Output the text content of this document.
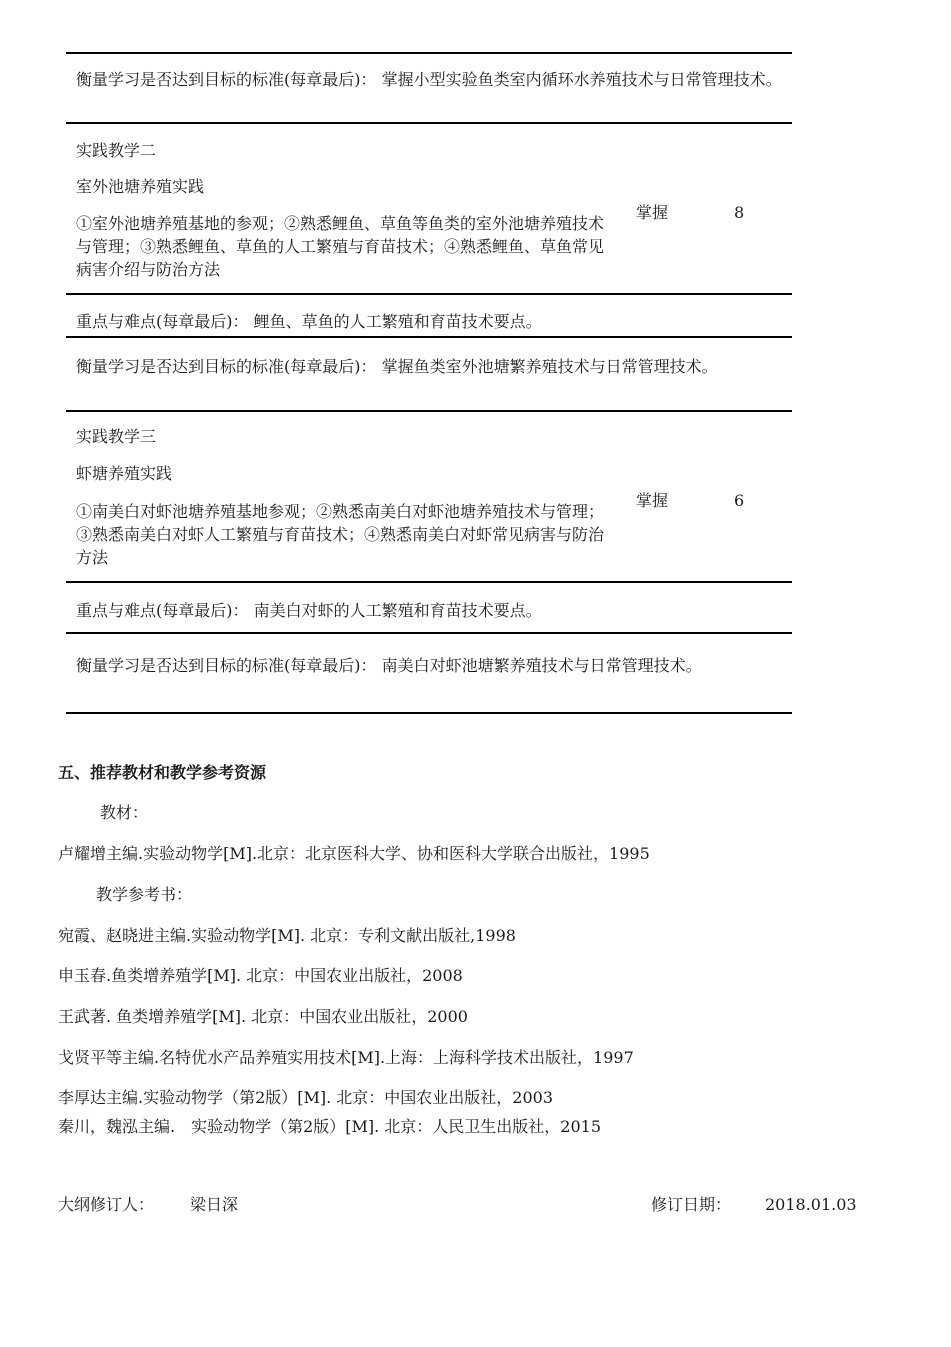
衡量学习是否达到目标的标准(每章最后)： 掌握小型实验鱼类室内循环水养殖技术与日常管理技术。
实践教学二
室外池塘养殖实践
①室外池塘养殖基地的参观；②熟悉鲤鱼、草鱼等鱼类的室外池塘养殖技术与管理；③熟悉鲤鱼、草鱼的人工繁殖与育苗技术；④熟悉鲤鱼、草鱼常见病害介绍与防治方法
掌握	8
重点与难点(每章最后)： 鲤鱼、草鱼的人工繁殖和育苗技术要点。
衡量学习是否达到目标的标准(每章最后)： 掌握鱼类室外池塘繁养殖技术与日常管理技术。
实践教学三
虾塘养殖实践
①南美白对虾池塘养殖基地参观；②熟悉南美白对虾池塘养殖技术与管理；③熟悉南美白对虾人工繁殖与育苗技术；④熟悉南美白对虾常见病害与防治方法
掌握	6
重点与难点(每章最后)： 南美白对虾的人工繁殖和育苗技术要点。
衡量学习是否达到目标的标准(每章最后)： 南美白对虾池塘繁养殖技术与日常管理技术。
五、推荐教材和教学参考资源
教材：
卢耀增主编.实验动物学[M].北京：北京医科大学、协和医科大学联合出版社，1995
教学参考书：
宛霞、赵晓进主编.实验动物学[M]. 北京：专利文献出版社,1998
申玉春.鱼类增养殖学[M]. 北京：中国农业出版社，2008
王武著. 鱼类增养殖学[M]. 北京：中国农业出版社，2000
戈贤平等主编.名特优水产品养殖实用技术[M].上海：上海科学技术出版社，1997
李厚达主编.实验动物学（第2版）[M]. 北京：中国农业出版社，2003
秦川，魏泓主编.　实验动物学（第2版）[M]. 北京：人民卫生出版社，2015
大纲修订人： 梁日深	修订日期： 2018.01.03
